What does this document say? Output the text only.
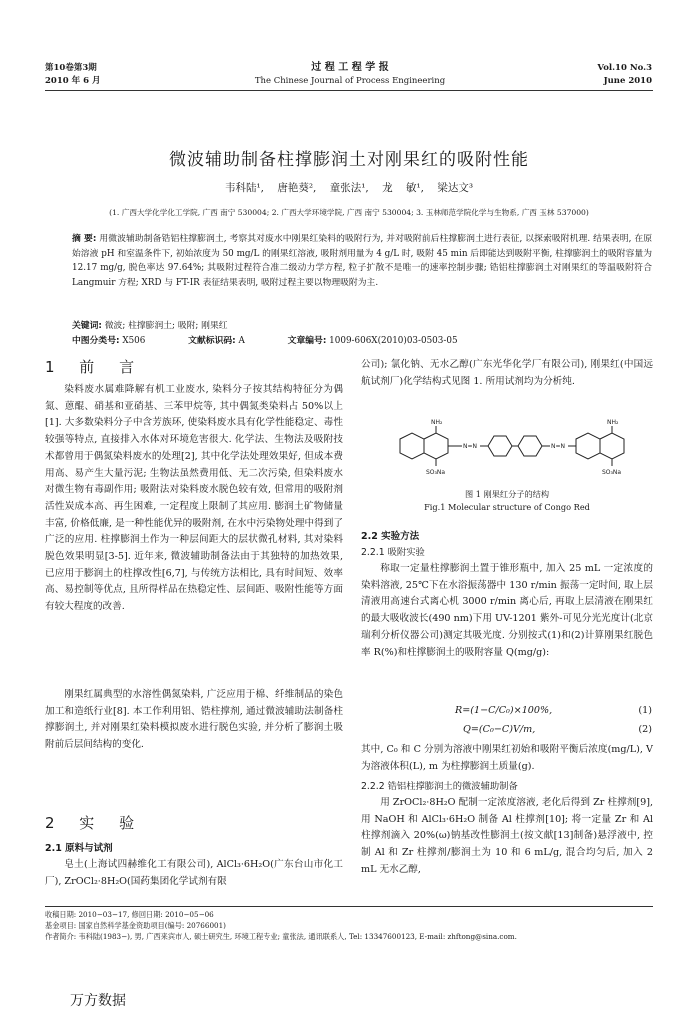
第10卷第3期
2010 年 6 月
过 程 工 程 学 报
The Chinese Journal of Process Engineering
Vol.10 No.3
June 2010
微波辅助制备柱撑膨润土对刚果红的吸附性能
韦科陆¹, 唐艳葵², 童张法¹, 龙 敏¹, 梁达文³
(1. 广西大学化学化工学院, 广西 南宁 530004; 2. 广西大学环境学院, 广西 南宁 530004; 3. 玉林师范学院化学与生物系, 广西 玉林 537000)
摘 要: 用微波辅助制备锆铝柱撑膨润土, 考察其对废水中刚果红染料的吸附行为, 并对吸附前后柱撑膨润土进行表征, 以探索吸附机理. 结果表明, 在原始溶液 pH 和室温条件下, 初始浓度为 50 mg/L 的刚果红溶液, 吸附剂用量为 4 g/L 时, 吸附 45 min 后即能达到吸附平衡, 柱撑膨润土的吸附容量为 12.17 mg/g, 脱色率达 97.64%; 其吸附过程符合准二级动力学方程, 粒子扩散不是唯一的速率控制步骤; 锆铝柱撑膨润土对刚果红的等温吸附符合 Langmuir 方程; XRD 与 FT-IR 表征结果表明, 吸附过程主要以物理吸附为主.
关键词: 微波; 柱撑膨润土; 吸附; 刚果红
中图分类号: X506	文献标识码: A	文章编号: 1009-606X(2010)03-0503-05
1 前 言
染料废水属难降解有机工业废水, 染料分子按其结构特征分为偶氮、蒽醌、硝基和亚硝基、三苯甲烷等, 其中偶氮类染料占 50%以上[1]. 大多数染料分子中含芳族环, 使染料废水具有化学性能稳定、毒性较强等特点, 直接排入水体对环境危害很大. 化学法、生物法及吸附技术都曾用于偶氮染料废水的处理[2], 其中化学法处理效果好, 但成本费用高、易产生大量污泥; 生物法虽然费用低、无二次污染, 但染料废水对微生物有毒副作用; 吸附法对染料废水脱色较有效, 但常用的吸附剂活性炭成本高、再生困难, 一定程度上限制了其应用. 膨润土矿物储量丰富, 价格低廉, 是一种性能优异的吸附剂, 在水中污染物处理中得到了广泛的应用. 柱撑膨润土作为一种层间距大的层状微孔材料, 其对染料脱色效果明显[3-5]. 近年来, 微波辅助制备法由于其独特的加热效果, 已应用于膨润土的柱撑改性[6,7], 与传统方法相比, 具有时间短、效率高、易控制等优点, 且所得样品在热稳定性、层间距、吸附性能等方面有较大程度的改善.
刚果红属典型的水溶性偶氮染料, 广泛应用于棉、纤维制品的染色加工和造纸行业[8]. 本工作利用铝、锆柱撑剂, 通过微波辅助法制备柱撑膨润土, 并对刚果红染料模拟废水进行脱色实验, 并分析了膨润土吸附前后层间结构的变化.
2 实 验
2.1 原料与试剂
皂土(上海试四赫维化工有限公司), AlCl₃·6H₂O(广东台山市化工厂), ZrOCl₂·8H₂O(国药集团化学试剂有限
公司); 氯化钠、无水乙醇(广东光华化学厂有限公司), 刚果红(中国远航试剂厂)化学结构式见图 1. 所用试剂均为分析纯.
NH₂	NH₂
SO₃Na	SO₃Na
N=N	N=N
图 1 刚果红分子的结构
Fig.1 Molecular structure of Congo Red
2.2 实验方法
2.2.1 吸附实验
称取一定量柱撑膨润土置于锥形瓶中, 加入 25 mL 一定浓度的染料溶液, 25℃下在水浴振荡器中 130 r/min 振荡一定时间, 取上层清液用高速台式离心机 3000 r/min 离心后, 再取上层清液在刚果红的最大吸收波长(490 nm)下用 UV-1201 紫外-可见分光光度计(北京瑞利分析仪器公司)测定其吸光度. 分别按式(1)和(2)计算刚果红脱色率 R(%)和柱撑膨润土的吸附容量 Q(mg/g):
R=(1−C/C₀)×100%,	(1)
Q=(C₀−C)V/m,	(2)
其中, C₀ 和 C 分别为溶液中刚果红初始和吸附平衡后浓度(mg/L), V 为溶液体积(L), m 为柱撑膨润土质量(g).
2.2.2 锆铝柱撑膨润土的微波辅助制备
用 ZrOCl₂·8H₂O 配制一定浓度溶液, 老化后得到 Zr 柱撑剂[9], 用 NaOH 和 AlCl₃·6H₂O 制备 Al 柱撑剂[10]; 将一定量 Zr 和 Al 柱撑剂滴入 20%(ω)钠基改性膨润土(按文献[13]制备)悬浮液中, 控制 Al 和 Zr 柱撑剂/膨润土为 10 和 6 mL/g, 混合均匀后, 加入 2 mL 无水乙醇,
收稿日期: 2010−03−17, 修回日期: 2010−05−06
基金项目: 国家自然科学基金资助项目(编号: 20766001)
作者简介: 韦科陆(1983−), 男, 广西来宾市人, 硕士研究生, 环境工程专业; 童张法, 通讯联系人, Tel: 13347600123, E-mail: zhftong@sina.com.
万方数据
